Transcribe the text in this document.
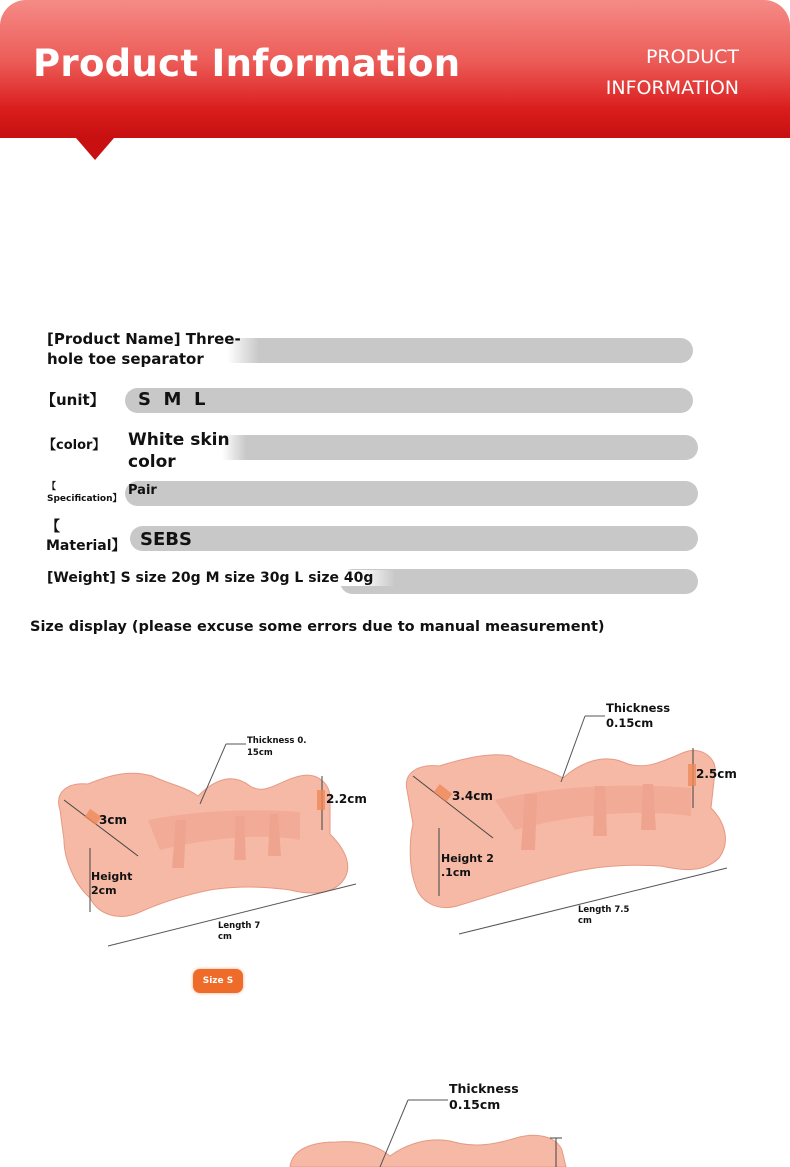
Product Information	PRODUCT
INFORMATION
[Product Name] Three-
hole toe separator
【unit】 S  M  L
【color】 White skin
color
【
Specification】
Pair
【
Material】 SEBS
[Weight] S size 20g M size 30g L size 40g
Size display (please excuse some errors due to manual measurement)
Thickness 0.
15cm
3cm
2.2cm
Height
2cm
Length 7
cm
Size S
Thickness
0.15cm
3.4cm
2.5cm
Height 2
.1cm
Length 7.5
cm
Thickness
0.15cm
